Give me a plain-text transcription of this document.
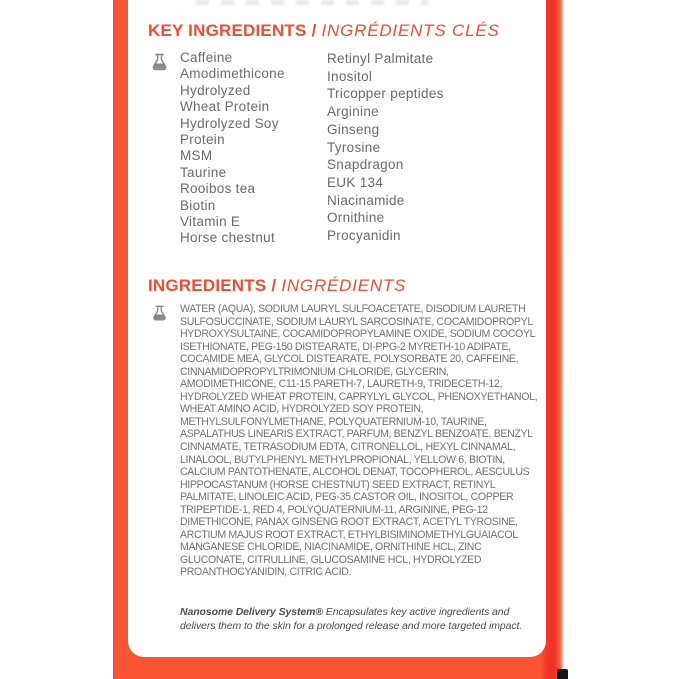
KEY INGREDIENTS / INGRÉDIENTS CLÉS
Caffeine
Amodimethicone
Hydrolyzed Wheat Protein
Hydrolyzed Soy Protein
MSM
Taurine
Rooibos tea
Biotin
Vitamin E
Horse chestnut
Retinyl Palmitate
Inositol
Tricopper peptides
Arginine
Ginseng
Tyrosine
Snapdragon
EUK 134
Niacinamide
Ornithine
Procyanidin
INGREDIENTS / INGRÉDIENTS
WATER (AQUA), SODIUM LAURYL SULFOACETATE, DISODIUM LAURETH SULFOSUCCINATE, SODIUM LAURYL SARCOSINATE, COCAMIDOPROPYL HYDROXYSULTAINE, COCAMIDOPROPYLAMINE OXIDE, SODIUM COCOYL ISETHIONATE, PEG-150 DISTEARATE, DI-PPG-2 MYRETH-10 ADIPATE, COCAMIDE MEA, GLYCOL DISTEARATE, POLYSORBATE 20, CAFFEINE, CINNAMIDOPROPYLTRIMONIUM CHLORIDE, GLYCERIN, AMODIMETHICONE, C11-15 PARETH-7, LAURETH-9, TRIDECETH-12, HYDROLYZED WHEAT PROTEIN, CAPRYLYL GLYCOL, PHENOXYETHANOL, WHEAT AMINO ACID, HYDROLYZED SOY PROTEIN, METHYLSULFONYLMETHANE, POLYQUATERNIUM-10, TAURINE, ASPALATHUS LINEARIS EXTRACT, PARFUM, BENZYL BENZOATE, BENZYL CINNAMATE, TETRASODIUM EDTA, CITRONELLOL, HEXYL CINNAMAL, LINALOOL, BUTYLPHENYL METHYLPROPIONAL, YELLOW 6, BIOTIN, CALCIUM PANTOTHENATE, ALCOHOL DENAT, TOCOPHEROL, AESCULUS HIPPOCASTANUM (HORSE CHESTNUT) SEED EXTRACT, RETINYL PALMITATE, LINOLEIC ACID, PEG-35 CASTOR OIL, INOSITOL, COPPER TRIPEPTIDE-1, RED 4, POLYQUATERNIUM-11, ARGININE, PEG-12 DIMETHICONE, PANAX GINSENG ROOT EXTRACT, ACETYL TYROSINE, ARCTIUM MAJUS ROOT EXTRACT, ETHYLBISIMINOMETHYLGUAIACOL MANGANESE CHLORIDE, NIACINAMIDE, ORNITHINE HCL, ZINC GLUCONATE, CITRULLINE, GLUCOSAMINE HCL, HYDROLYZED PROANTHOCYANIDIN, CITRIC ACID.
Nanosome Delivery System® Encapsulates key active ingredients and delivers them to the skin for a prolonged release and more targeted impact.
